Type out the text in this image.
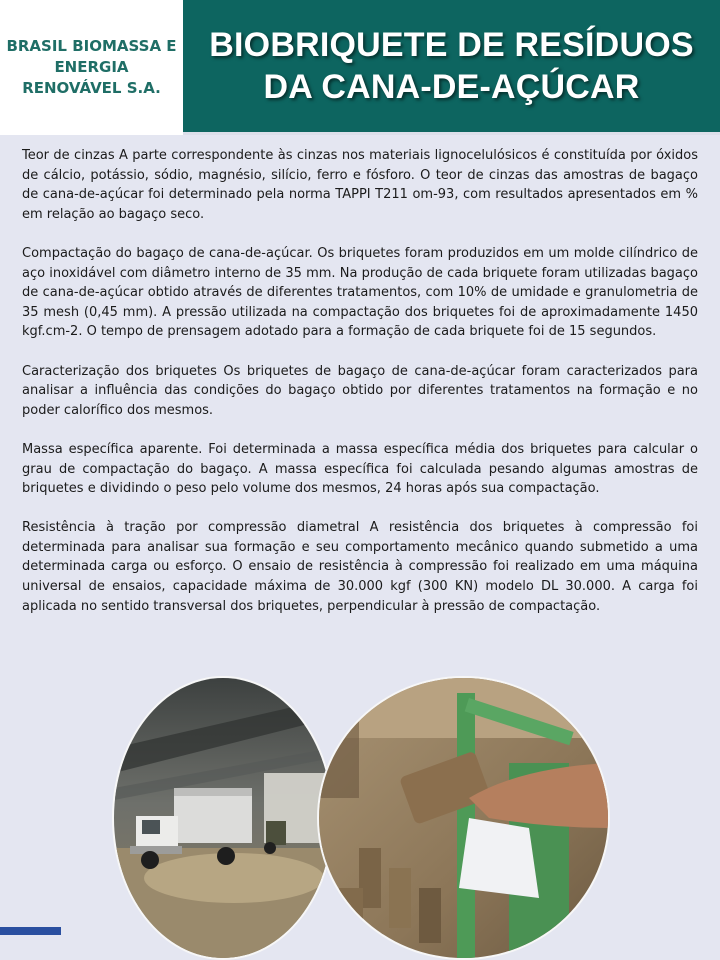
BRASIL BIOMASSA E
ENERGIA
RENOVÁVEL S.A.
BIOBRIQUETE DE RESÍDUOS
DA CANA-DE-AÇÚCAR

Teor de cinzas A parte correspondente às cinzas nos materiais lignocelulósicos é constituída por óxidos de cálcio, potássio, sódio, magnésio, silício, ferro e fósforo. O teor de cinzas das amostras de bagaço de cana-de-açúcar foi determinado pela norma TAPPI T211 om-93, com resultados apresentados em % em relação ao bagaço seco.

Compactação do bagaço de cana-de-açúcar. Os briquetes foram produzidos em um molde cilíndrico de aço inoxidável com diâmetro interno de 35 mm. Na produção de cada briquete foram utilizadas bagaço de cana-de-açúcar obtido através de diferentes tratamentos, com 10% de umidade e granulometria de 35 mesh (0,45 mm). A pressão utilizada na compactação dos briquetes foi de aproximadamente 1450 kgf.cm-2. O tempo de prensagem adotado para a formação de cada briquete foi de 15 segundos.

Caracterização dos briquetes Os briquetes de bagaço de cana-de-açúcar foram caracterizados para analisar a influência das condições do bagaço obtido por diferentes tratamentos na formação e no poder calorífico dos mesmos.

Massa específica aparente. Foi determinada a massa específica média dos briquetes para calcular o grau de compactação do bagaço. A massa específica foi calculada pesando algumas amostras de briquetes e dividindo o peso pelo volume dos mesmos, 24 horas após sua compactação.

Resistência à tração por compressão diametral A resistência dos briquetes à compressão foi determinada para analisar sua formação e seu comportamento mecânico quando submetido a uma determinada carga ou esforço. O ensaio de resistência à compressão foi realizado em uma máquina universal de ensaios, capacidade máxima de 30.000 kgf (300 KN) modelo DL 30.000. A carga foi aplicada no sentido transversal dos briquetes, perpendicular à pressão de compactação.
